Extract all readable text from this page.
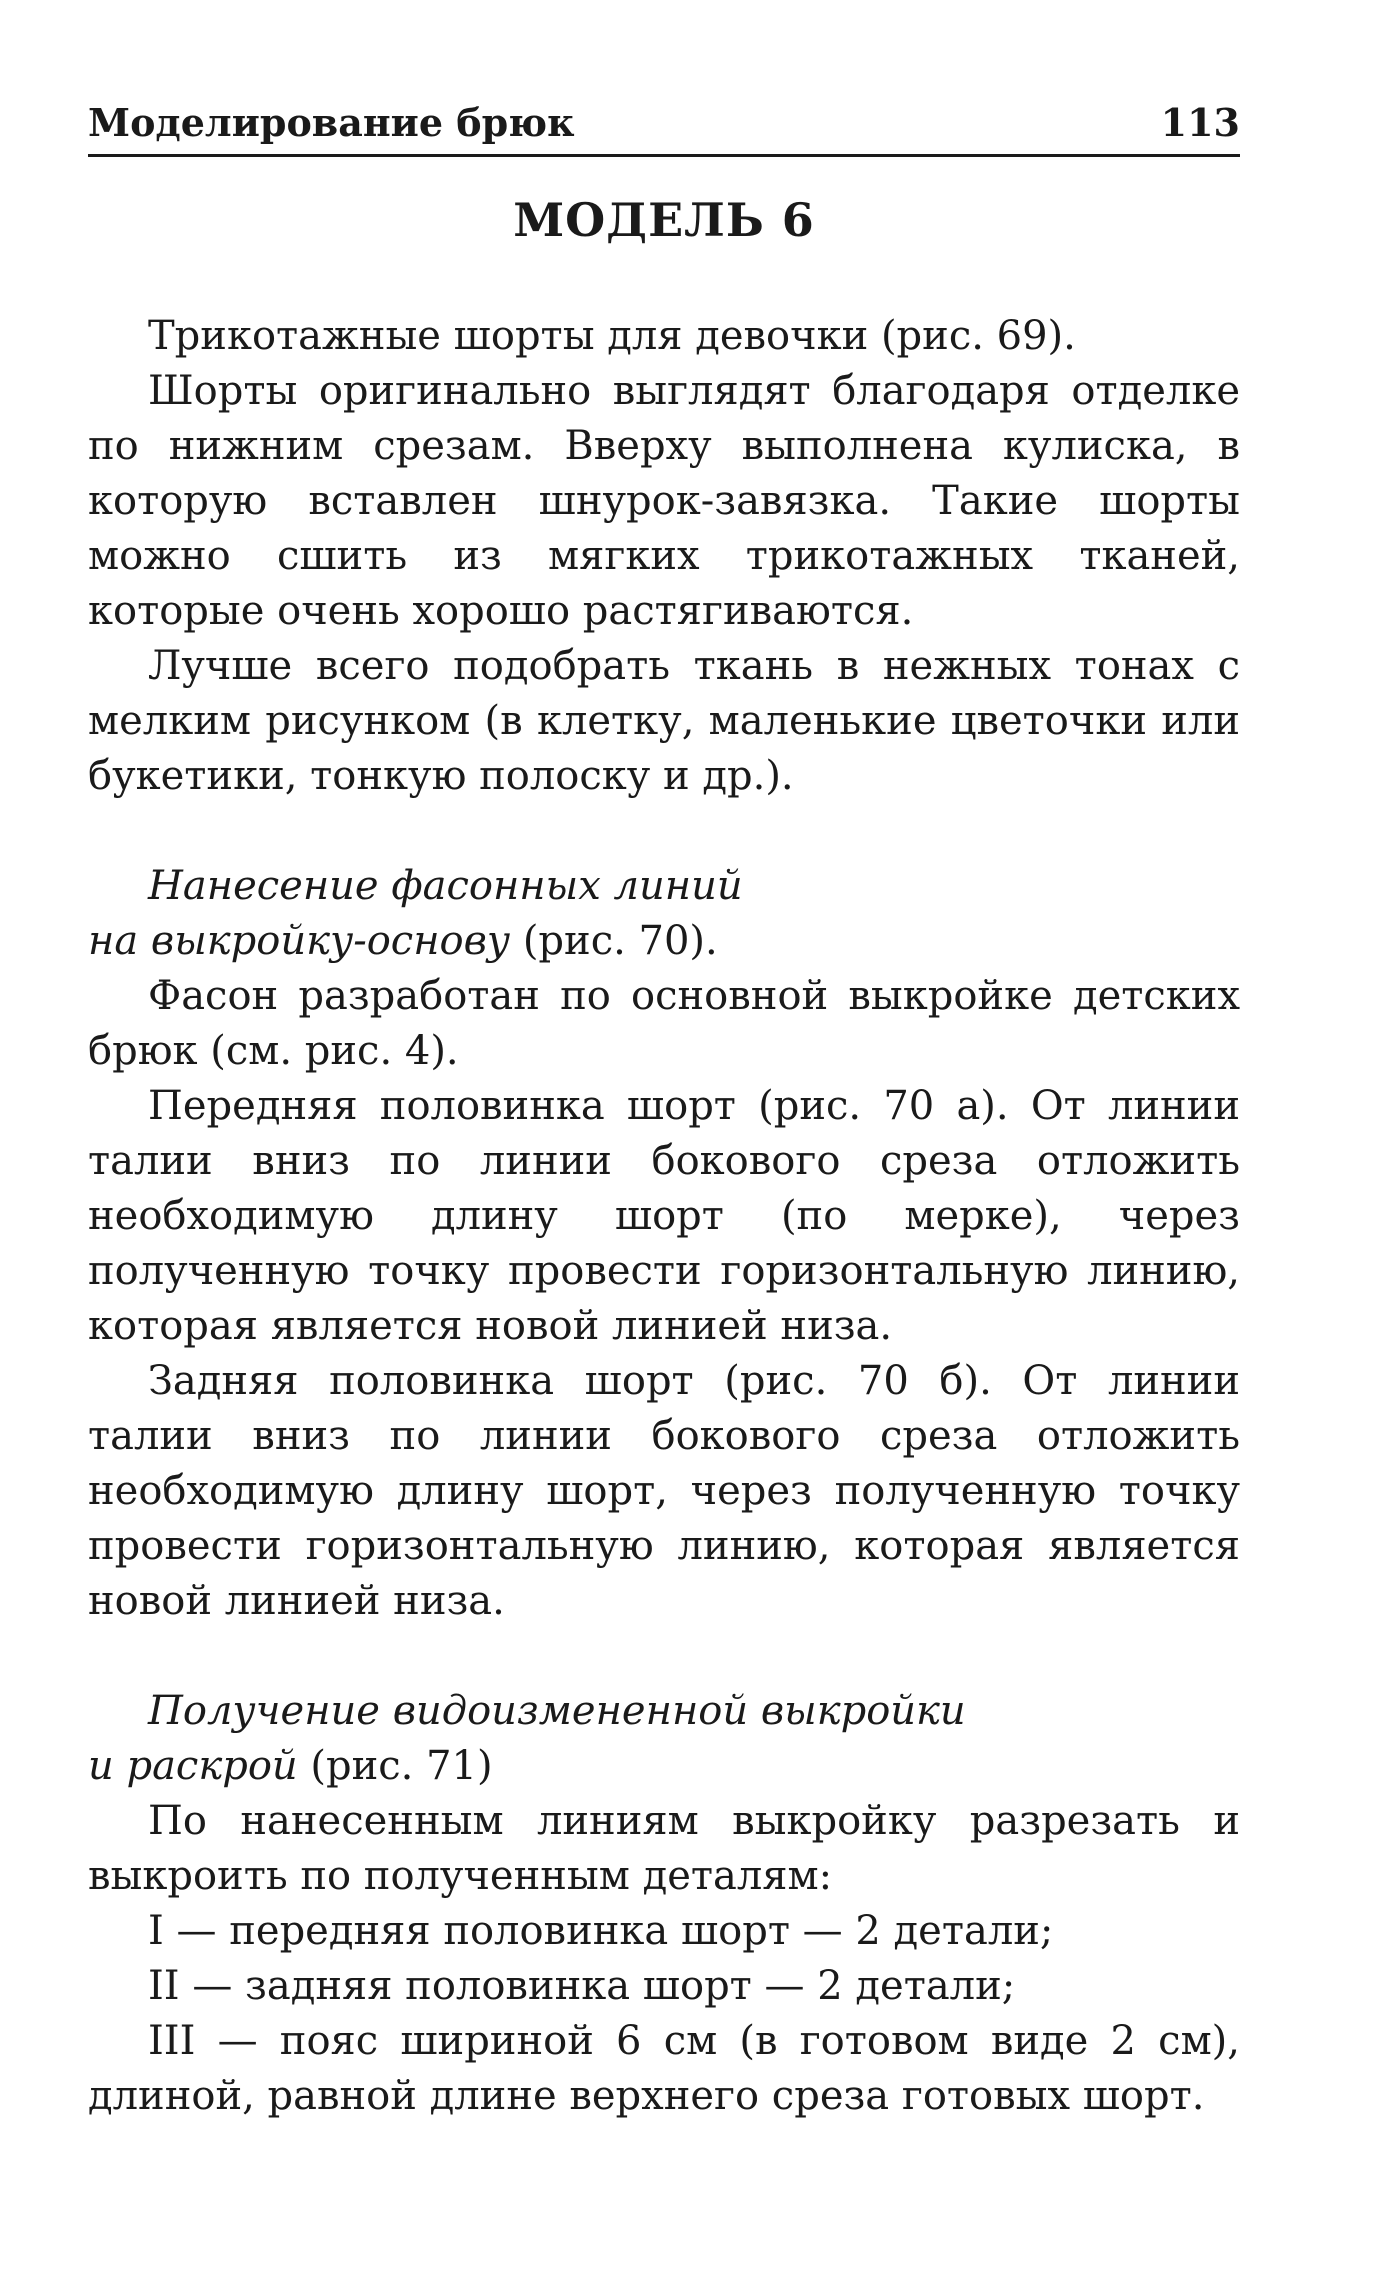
Моделирование брюк	113
МОДЕЛЬ 6

Трикотажные шорты для девочки (рис. 69).

Шорты оригинально выглядят благодаря отделке по нижним срезам. Вверху выполнена кулиска, в которую вставлен шнурок-завязка. Такие шорты можно сшить из мягких трикотажных тканей, которые очень хорошо растягиваются.

Лучше всего подобрать ткань в нежных тонах с мелким рисунком (в клетку, маленькие цветочки или букетики, тонкую полоску и др.).

Нанесение фасонных линий
на выкройку-основу (рис. 70).

Фасон разработан по основной выкройке детских брюк (см. рис. 4).

Передняя половинка шорт (рис. 70 а). От линии талии вниз по линии бокового среза отложить необходимую длину шорт (по мерке), через полученную точку провести горизонтальную линию, которая является новой линией низа.

Задняя половинка шорт (рис. 70 б). От линии талии вниз по линии бокового среза отложить необходимую длину шорт, через полученную точку провести горизонтальную линию, которая является новой линией низа.

Получение видоизмененной выкройки
и раскрой (рис. 71)

По нанесенным линиям выкройку разрезать и выкроить по полученным деталям:

I — передняя половинка шорт — 2 детали;

II — задняя половинка шорт — 2 детали;

III — пояс шириной 6 см (в готовом виде 2 см), длиной, равной длине верхнего среза готовых шорт.
